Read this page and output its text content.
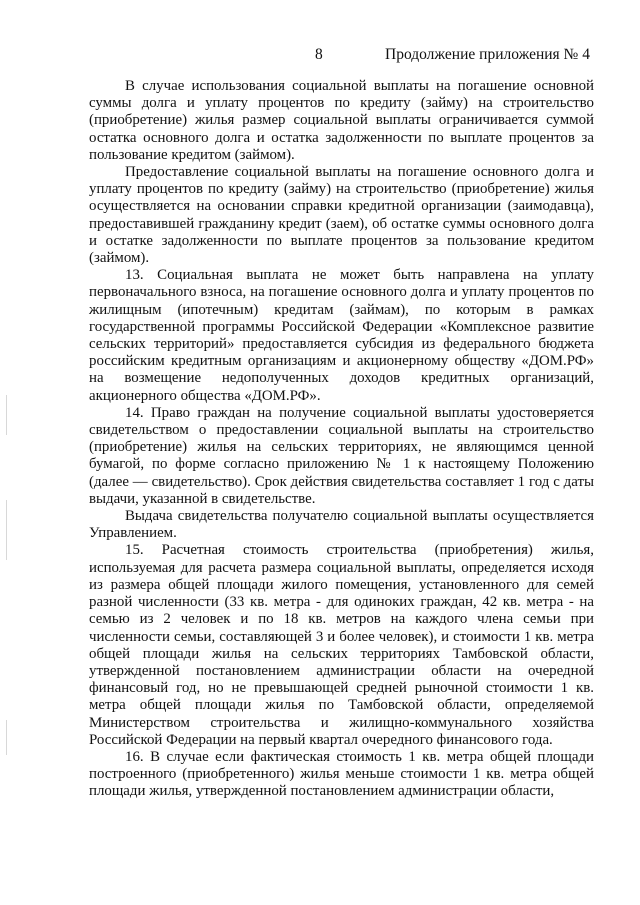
8	Продолжение приложения № 4

В случае использования социальной выплаты на погашение основной суммы долга и уплату процентов по кредиту (займу) на строительство (приобретение) жилья размер социальной выплаты ограничивается суммой остатка основного долга и остатка задолженности по выплате процентов за пользование кредитом (займом).

Предоставление социальной выплаты на погашение основного долга и уплату процентов по кредиту (займу) на строительство (приобретение) жилья осуществляется на основании справки кредитной организации (заимодавца), предоставившей гражданину кредит (заем), об остатке суммы основного долга и остатке задолженности по выплате процентов за пользование кредитом (займом).

13. Социальная выплата не может быть направлена на уплату первоначального взноса, на погашение основного долга и уплату процентов по жилищным (ипотечным) кредитам (займам), по которым в рамках государственной программы Российской Федерации «Комплексное развитие сельских территорий» предоставляется субсидия из федерального бюджета российским кредитным организациям и акционерному обществу «ДОМ.РФ» на возмещение недополученных доходов кредитных организаций, акционерного общества «ДОМ.РФ».

14. Право граждан на получение социальной выплаты удостоверяется свидетельством о предоставлении социальной выплаты на строительство (приобретение) жилья на сельских территориях, не являющимся ценной бумагой, по форме согласно приложению № 1 к настоящему Положению (далее — свидетельство). Срок действия свидетельства составляет 1 год с даты выдачи, указанной в свидетельстве.

Выдача свидетельства получателю социальной выплаты осуществляется Управлением.

15. Расчетная стоимость строительства (приобретения) жилья, используемая для расчета размера социальной выплаты, определяется исходя из размера общей площади жилого помещения, установленного для семей разной численности (33 кв. метра - для одиноких граждан, 42 кв. метра - на семью из 2 человек и по 18 кв. метров на каждого члена семьи при численности семьи, составляющей 3 и более человек), и стоимости 1 кв. метра общей площади жилья на сельских территориях Тамбовской области, утвержденной постановлением администрации области на очередной финансовый год, но не превышающей средней рыночной стоимости 1 кв. метра общей площади жилья по Тамбовской области, определяемой Министерством строительства и жилищно-коммунального хозяйства Российской Федерации на первый квартал очередного финансового года.

16. В случае если фактическая стоимость 1 кв. метра общей площади построенного (приобретенного) жилья меньше стоимости 1 кв. метра общей площади жилья, утвержденной постановлением администрации области,
